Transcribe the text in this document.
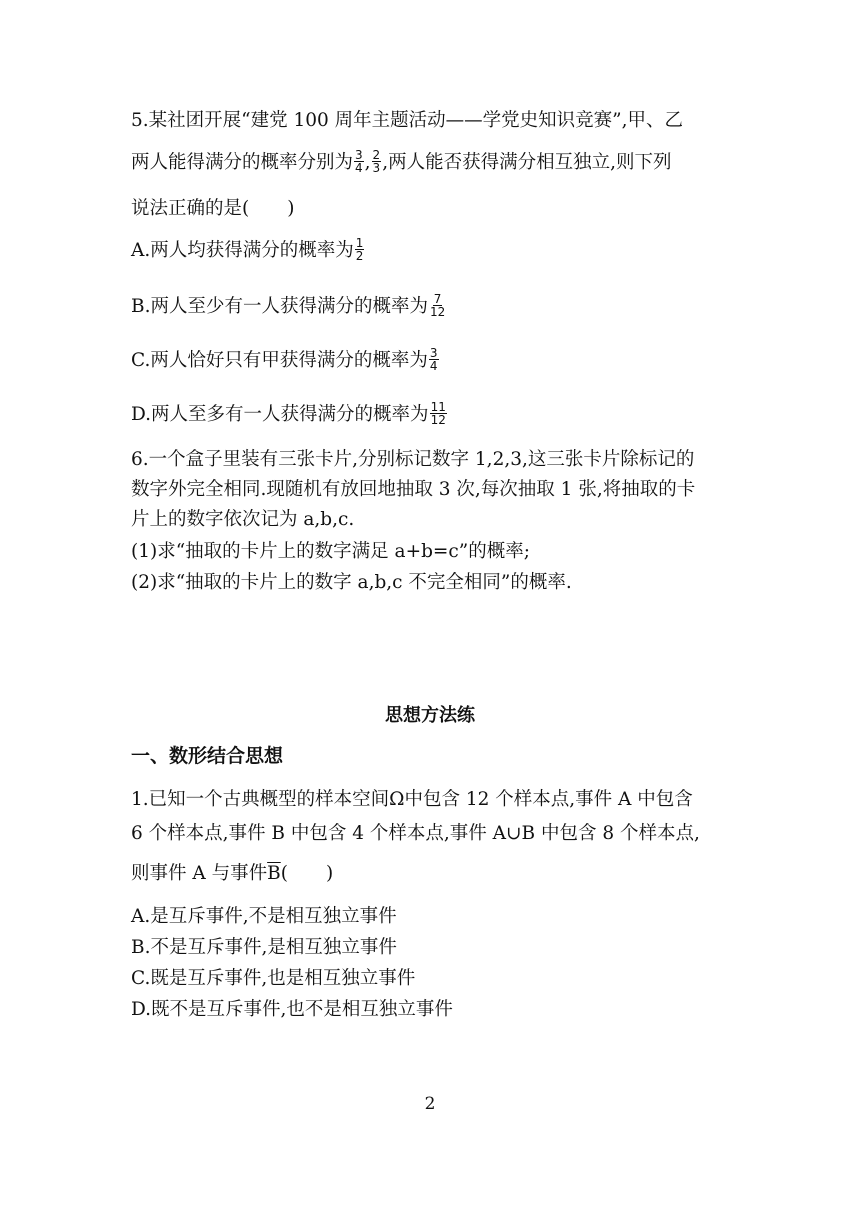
5.某社团开展“建党 100 周年主题活动——学党史知识竞赛”,甲、乙
两人能得满分的概率分别为 $\frac{3}{4}$ , $\frac{2}{3}$ ,两人能否获得满分相互独立,则下列
说法正确的是( )
A.两人均获得满分的概率为 $\frac{1}{2}$
B.两人至少有一人获得满分的概率为 $\frac{7}{12}$
C.两人恰好只有甲获得满分的概率为 $\frac{3}{4}$
D.两人至多有一人获得满分的概率为 $\frac{11}{12}$
6.一个盒子里装有三张卡片,分别标记数字 1,2,3,这三张卡片除标记的
数字外完全相同.现随机有放回地抽取 3 次,每次抽取 1 张,将抽取的卡
片上的数字依次记为 a,b,c.
(1)求“抽取的卡片上的数字满足 a+b=c”的概率;
(2)求“抽取的卡片上的数字 a,b,c 不完全相同”的概率.
思想方法练
一、数形结合思想
1.已知一个古典概型的样本空间Ω中包含 12 个样本点,事件 A 中包含
6 个样本点,事件 B 中包含 4 个样本点,事件 A∪B 中包含 8 个样本点,
则事件 A 与事件$\overline{B}$( )
A.是互斥事件,不是相互独立事件
B.不是互斥事件,是相互独立事件
C.既是互斥事件,也是相互独立事件
D.既不是互斥事件,也不是相互独立事件
2
